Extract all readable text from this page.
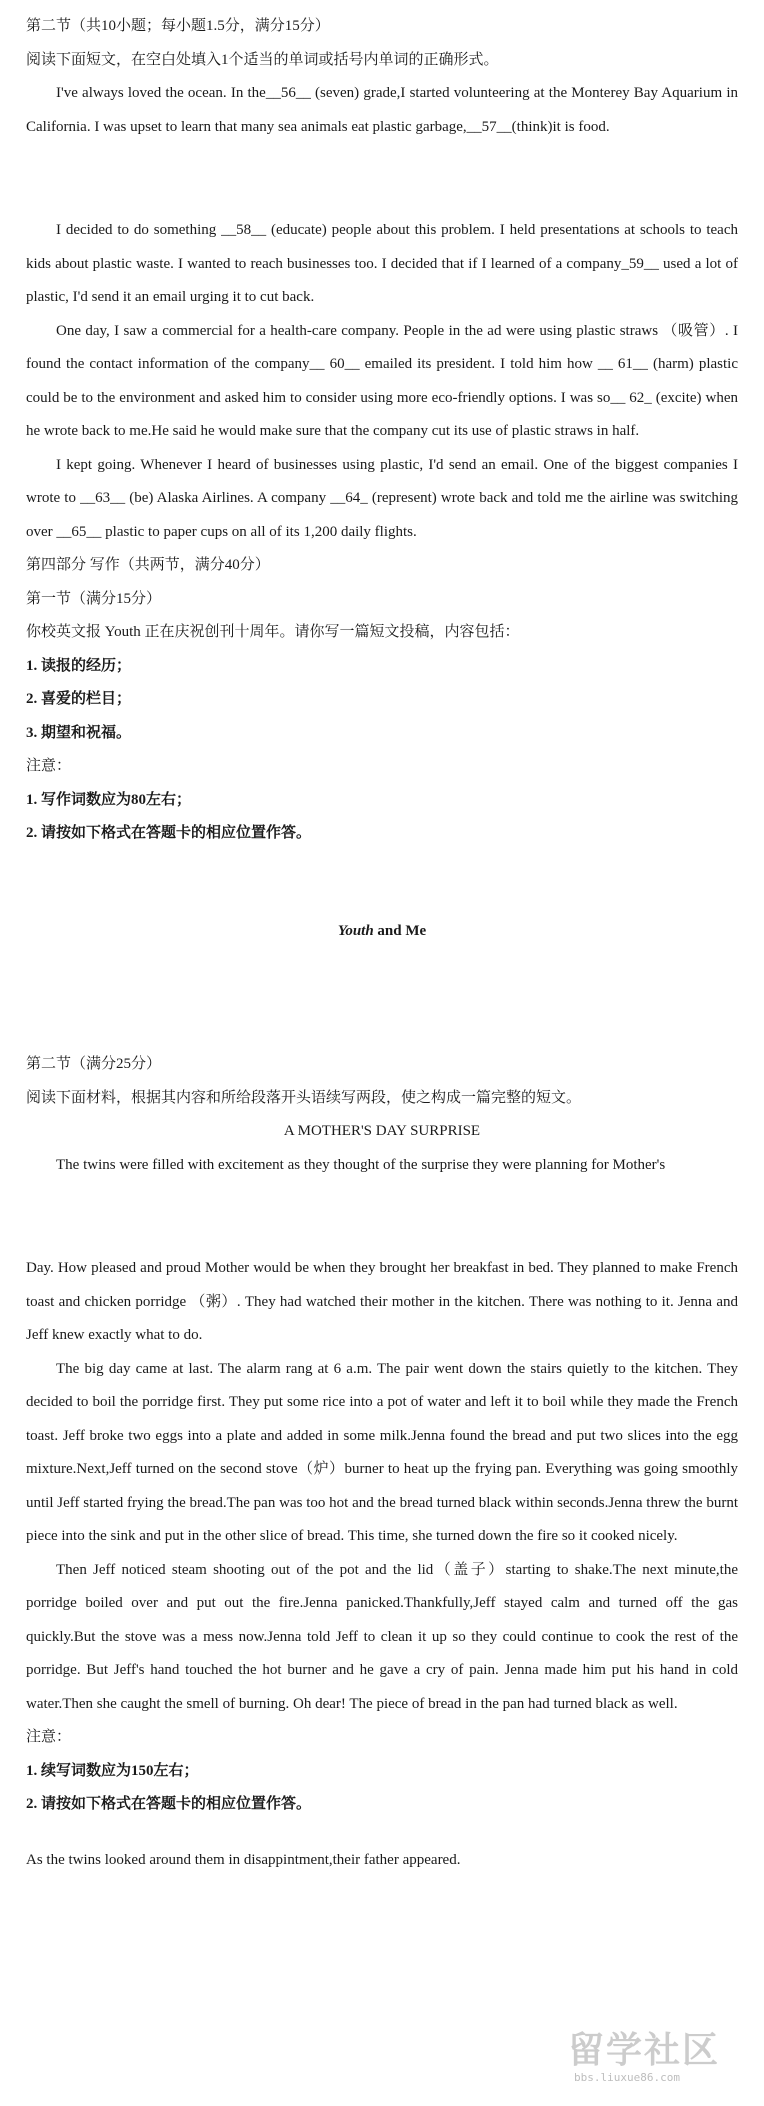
第二节（共10小题；每小题1.5分，满分15分）

阅读下面短文，在空白处填入1个适当的单词或括号内单词的正确形式。

I've always loved the ocean. In the__56__ (seven) grade,I started volunteering at the Monterey Bay Aquarium in California. I was upset to learn that many sea animals eat plastic garbage,__57__(think)it is food.

I decided to do something __58__ (educate) people about this problem. I held presentations at schools to teach kids about plastic waste. I wanted to reach businesses too. I decided that if I learned of a company_59__ used a lot of plastic, I'd send it an email urging it to cut back.

One day, I saw a commercial for a health-care company. People in the ad were using plastic straws （吸管）. I found the contact information of the company__ 60__ emailed its president. I told him how __ 61__ (harm) plastic could be to the environment and asked him to consider using more eco-friendly options. I was so__ 62_ (excite) when he wrote back to me.He said he would make sure that the company cut its use of plastic straws in half.

I kept going. Whenever I heard of businesses using plastic, I'd send an email. One of the biggest companies I wrote to __63__ (be) Alaska Airlines. A company __64_ (represent) wrote back and told me the airline was switching over __65__ plastic to paper cups on all of its 1,200 daily flights.

第四部分 写作（共两节，满分40分）

第一节（满分15分）

你校英文报 Youth 正在庆祝创刊十周年。请你写一篇短文投稿，内容包括：

1. 读报的经历；

2. 喜爱的栏目；

3. 期望和祝福。

注意：

1. 写作词数应为80左右；

2. 请按如下格式在答题卡的相应位置作答。

Youth and Me

第二节（满分25分）

阅读下面材料，根据其内容和所给段落开头语续写两段，使之构成一篇完整的短文。

A MOTHER'S DAY SURPRISE

The twins were filled with excitement as they thought of the surprise they were planning for Mother's

Day. How pleased and proud Mother would be when they brought her breakfast in bed. They planned to make French toast and chicken porridge （粥）. They had watched their mother in the kitchen. There was nothing to it. Jenna and Jeff knew exactly what to do.

The big day came at last. The alarm rang at 6 a.m. The pair went down the stairs quietly to the kitchen. They decided to boil the porridge first. They put some rice into a pot of water and left it to boil while they made the French toast. Jeff broke two eggs into a plate and added in some milk.Jenna found the bread and put two slices into the egg mixture.Next,Jeff turned on the second stove（炉）burner to heat up the frying pan. Everything was going smoothly until Jeff started frying the bread.The pan was too hot and the bread turned black within seconds.Jenna threw the burnt piece into the sink and put in the other slice of bread. This time, she turned down the fire so it cooked nicely.

Then Jeff noticed steam shooting out of the pot and the lid（盖子）starting to shake.The next minute,the porridge boiled over and put out the fire.Jenna panicked.Thankfully,Jeff stayed calm and turned off the gas quickly.But the stove was a mess now.Jenna told Jeff to clean it up so they could continue to cook the rest of the porridge. But Jeff's hand touched the hot burner and he gave a cry of pain. Jenna made him put his hand in cold water.Then she caught the smell of burning. Oh dear! The piece of bread in the pan had turned black as well.

注意：

1. 续写词数应为150左右；

2. 请按如下格式在答题卡的相应位置作答。

As the twins looked around them in disappintment,their father appeared.

留学社区
bbs.liuxue86.com
